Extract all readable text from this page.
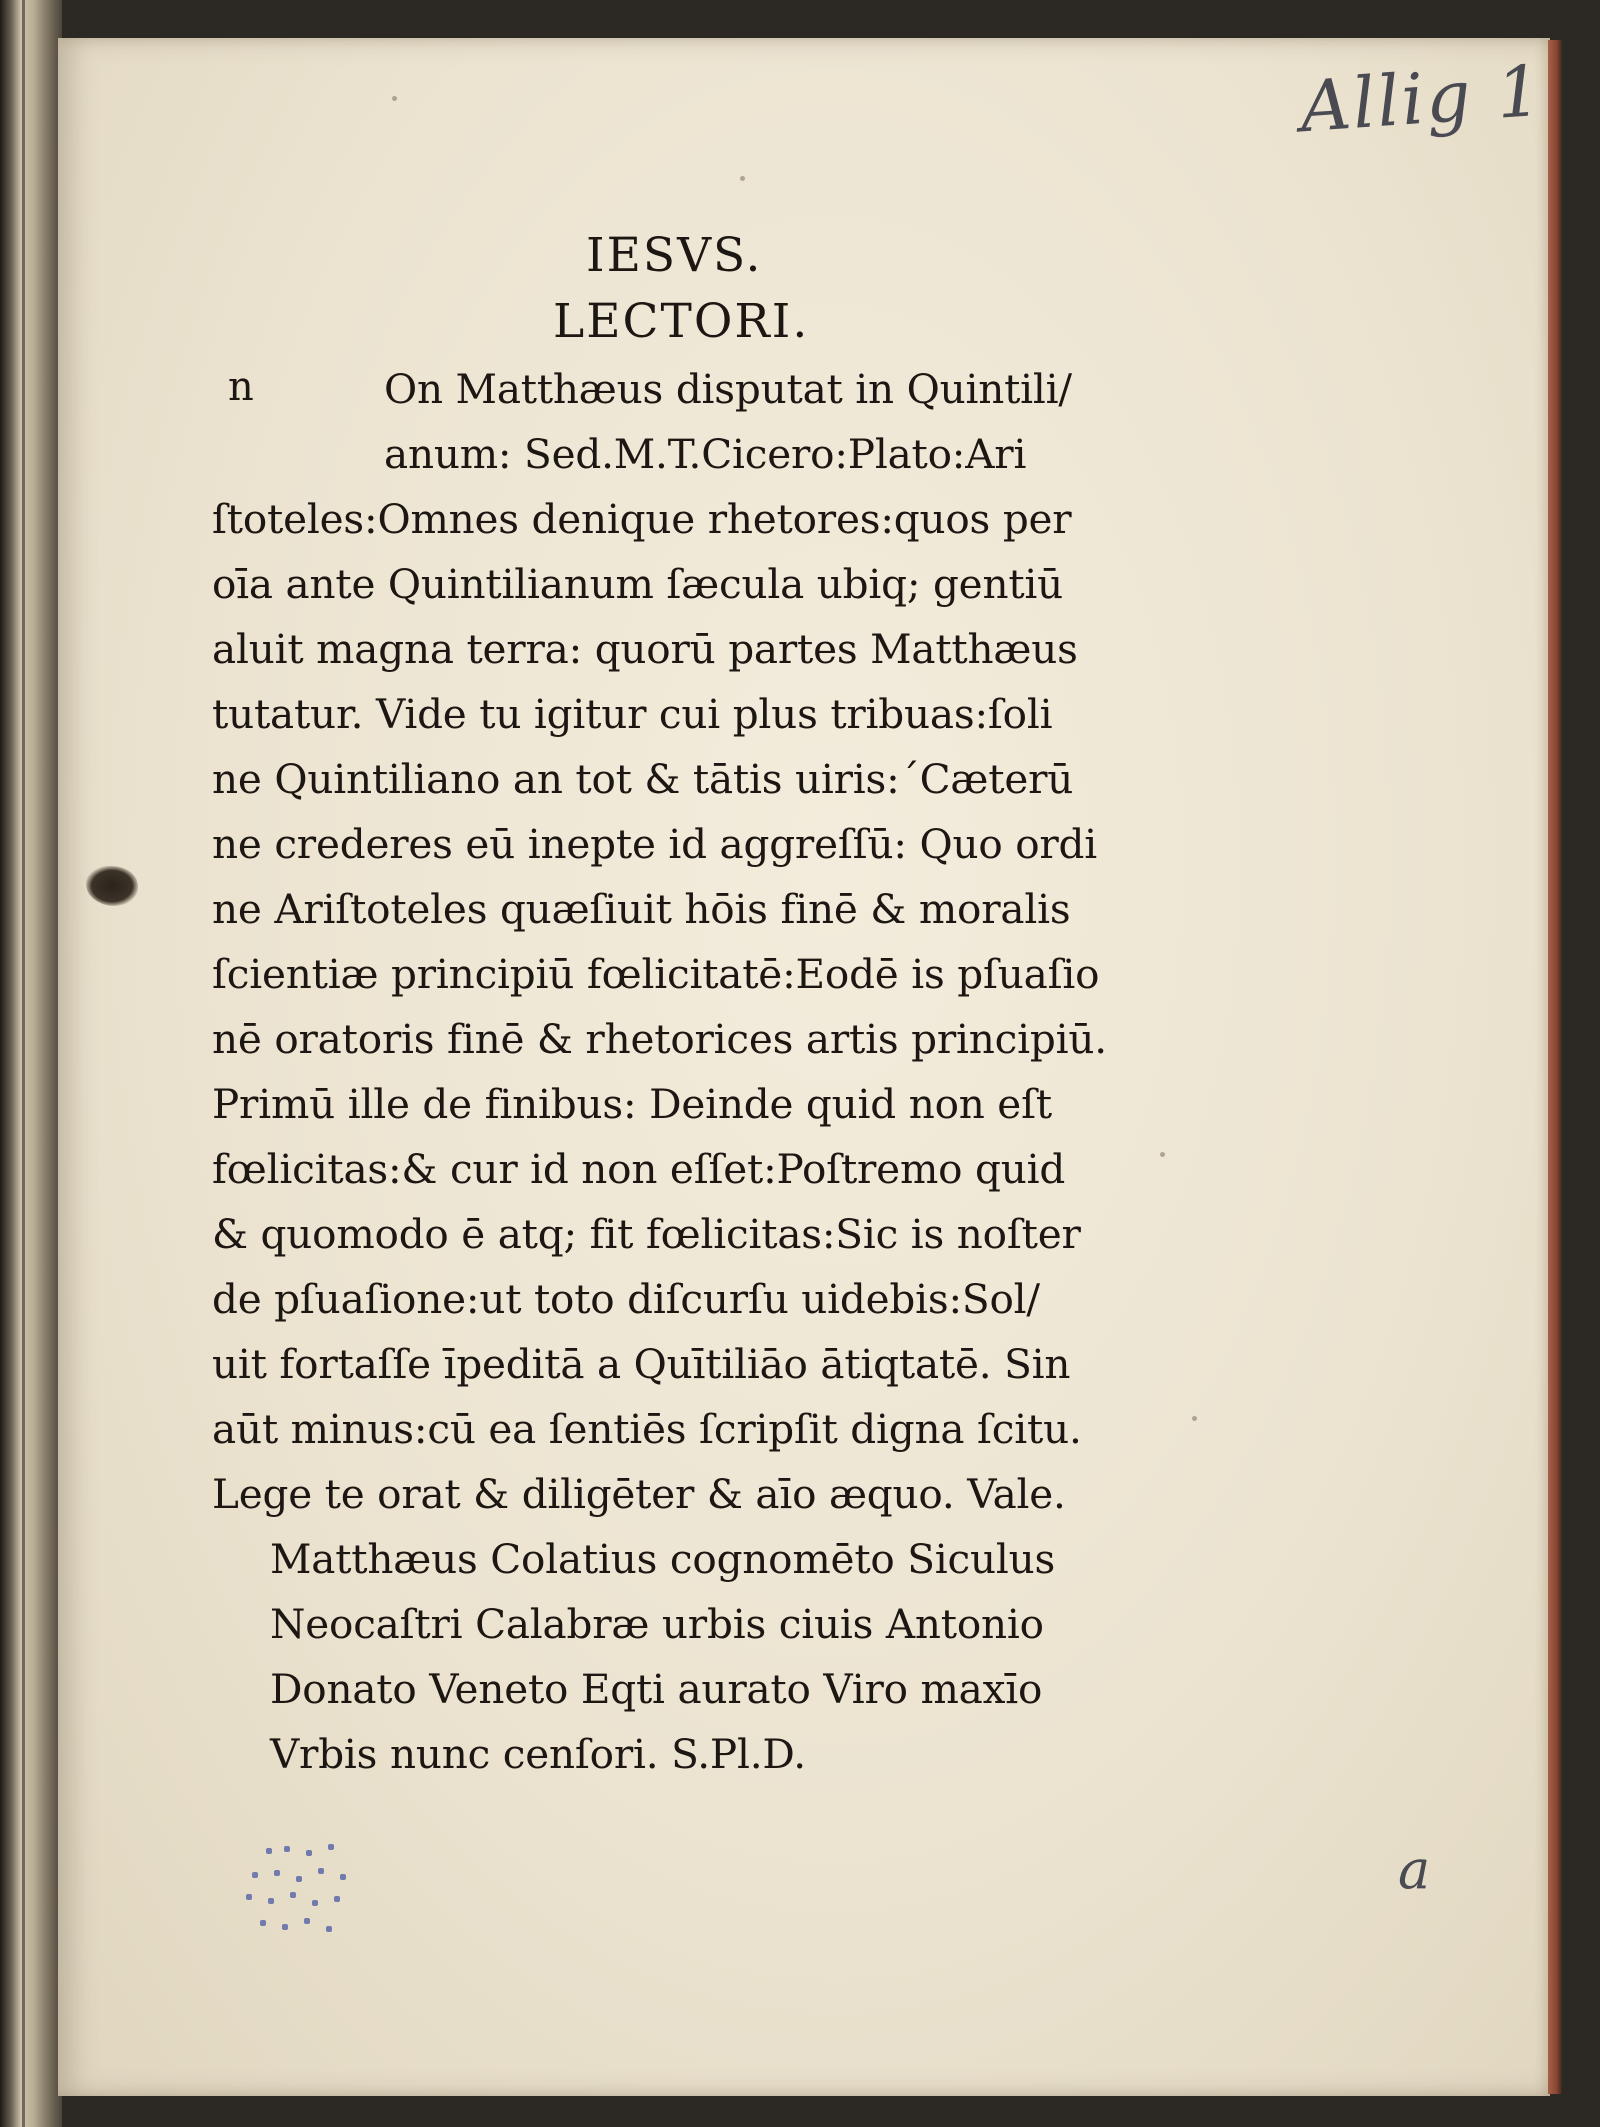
Allig 1
IESVS.
LECTORI.
n	On Matthæus disputat in Quintili/
anum: Sed.M.T.Cicero:Plato:Ari
ſtoteles:Omnes denique rhetores:quos per
oīa ante Quintilianum ſæcula ubiq; gentiū
aluit magna terra: quorū partes Matthæus
tutatur. Vide tu igitur cui plus tribuas:ſoli
ne Quintiliano an tot & tātis uiris:´Cæterū
ne crederes eū inepte id aggreſſū: Quo ordi
ne Ariſtoteles quæſiuit hōis finē & moralis
ſcientiæ principiū fœlicitatē:Eodē is pſuaſio
nē oratoris finē & rhetorices artis principiū.
Primū ille de finibus: Deinde quid non eſt
fœlicitas:& cur id non eſſet:Poſtremo quid
& quomodo ē atq; fit fœlicitas:Sic is noſter
de pſuaſione:ut toto diſcurſu uidebis:Sol/
uit fortaſſe īpeditā a Quītiliāo ātiqtatē. Sin
aūt minus:cū ea ſentiēs ſcripſit digna ſcitu.
Lege te orat & diligēter & aīo æquo. Vale.
Matthæus Colatius cognomēto Siculus
Neocaſtri Calabræ urbis ciuis Antonio
Donato Veneto Eqti aurato Viro maxīo
Vrbis nunc cenſori. S.Pl.D.
a
